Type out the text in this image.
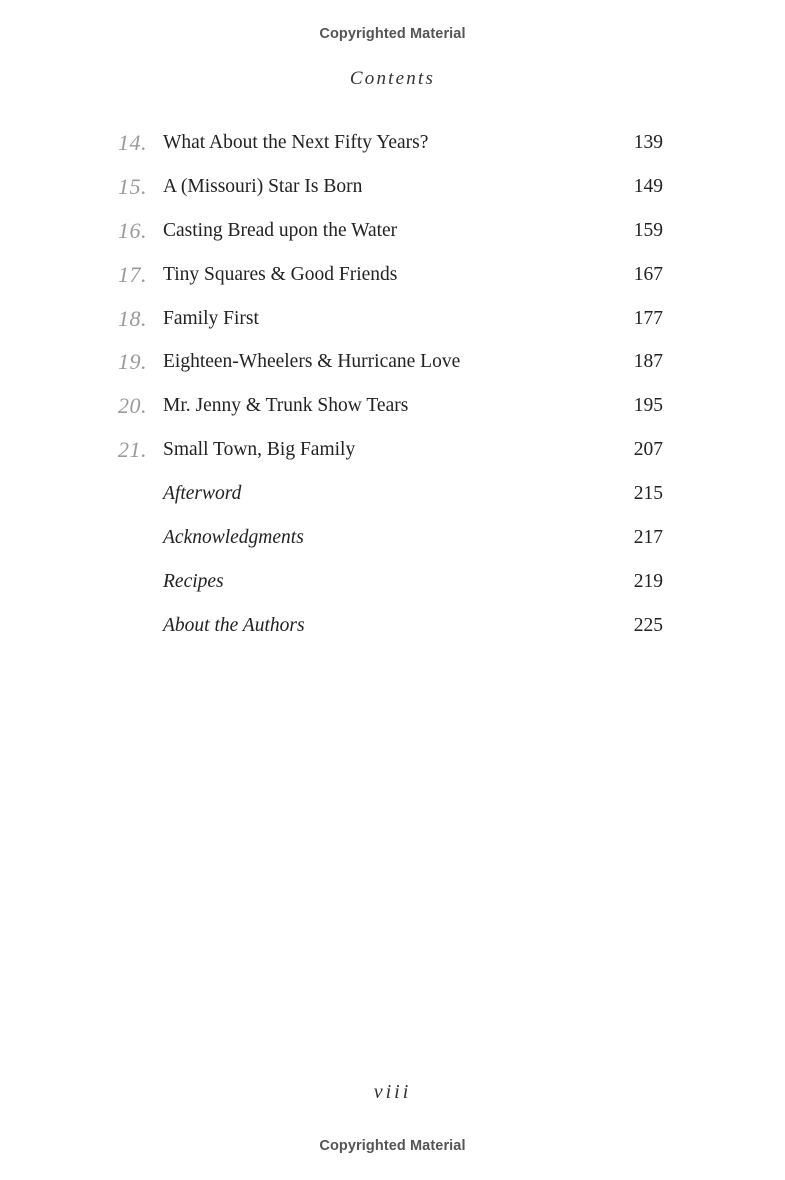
Copyrighted Material
Contents
14. What About the Next Fifty Years?	139
15. A (Missouri) Star Is Born	149
16. Casting Bread upon the Water	159
17. Tiny Squares & Good Friends	167
18. Family First	177
19. Eighteen-Wheelers & Hurricane Love	187
20. Mr. Jenny & Trunk Show Tears	195
21. Small Town, Big Family	207
Afterword	215
Acknowledgments	217
Recipes	219
About the Authors	225
viii
Copyrighted Material
